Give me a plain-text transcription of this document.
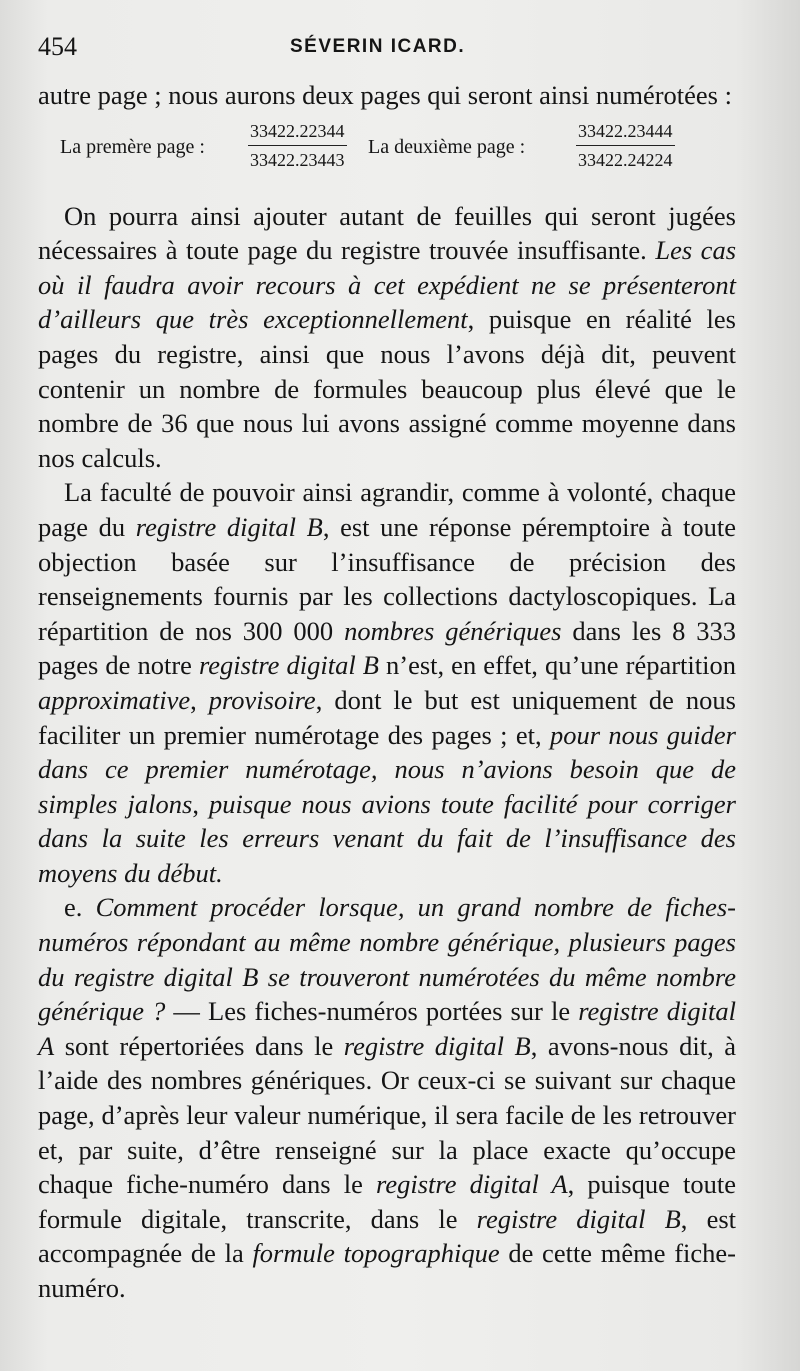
454	SÉVERIN ICARD.

autre page ; nous aurons deux pages qui seront ainsi numérotées :

La premère page : $\frac{33422.22344}{33422.23443}$ La deuxième page :	$\frac{33422.23444}{33422.24224}$

On pourra ainsi ajouter autant de feuilles qui seront jugées nécessaires à toute page du registre trouvée insuffisante. Les cas où il faudra avoir recours à cet expédient ne se présenteront d’ailleurs que très exceptionnellement, puisque en réalité les pages du registre, ainsi que nous l’avons déjà dit, peuvent contenir un nombre de formules beaucoup plus élevé que le nombre de 36 que nous lui avons assigné comme moyenne dans nos calculs.

La faculté de pouvoir ainsi agrandir, comme à volonté, chaque page du registre digital B, est une réponse péremptoire à toute objection basée sur l’insuffisance de précision des renseignements fournis par les collections dactyloscopiques. La répartition de nos 300 000 nombres génériques dans les 8 333 pages de notre registre digital B n’est, en effet, qu’une répartition approximative, provisoire, dont le but est uniquement de nous faciliter un premier numérotage des pages ; et, pour nous guider dans ce premier numérotage, nous n’avions besoin que de simples jalons, puisque nous avions toute facilité pour corriger dans la suite les erreurs venant du fait de l’insuffisance des moyens du début.

e. Comment procéder lorsque, un grand nombre de fiches-numéros répondant au même nombre générique, plusieurs pages du registre digital B se trouveront numérotées du même nombre générique ? — Les fiches-numéros portées sur le registre digital A sont répertoriées dans le registre digital B, avons-nous dit, à l’aide des nombres génériques. Or ceux-ci se suivant sur chaque page, d’après leur valeur numérique, il sera facile de les retrouver et, par suite, d’être renseigné sur la place exacte qu’occupe chaque fiche-numéro dans le registre digital A, puisque toute formule digitale, transcrite, dans le registre digital B, est accompagnée de la formule topographique de cette même fiche-numéro.
